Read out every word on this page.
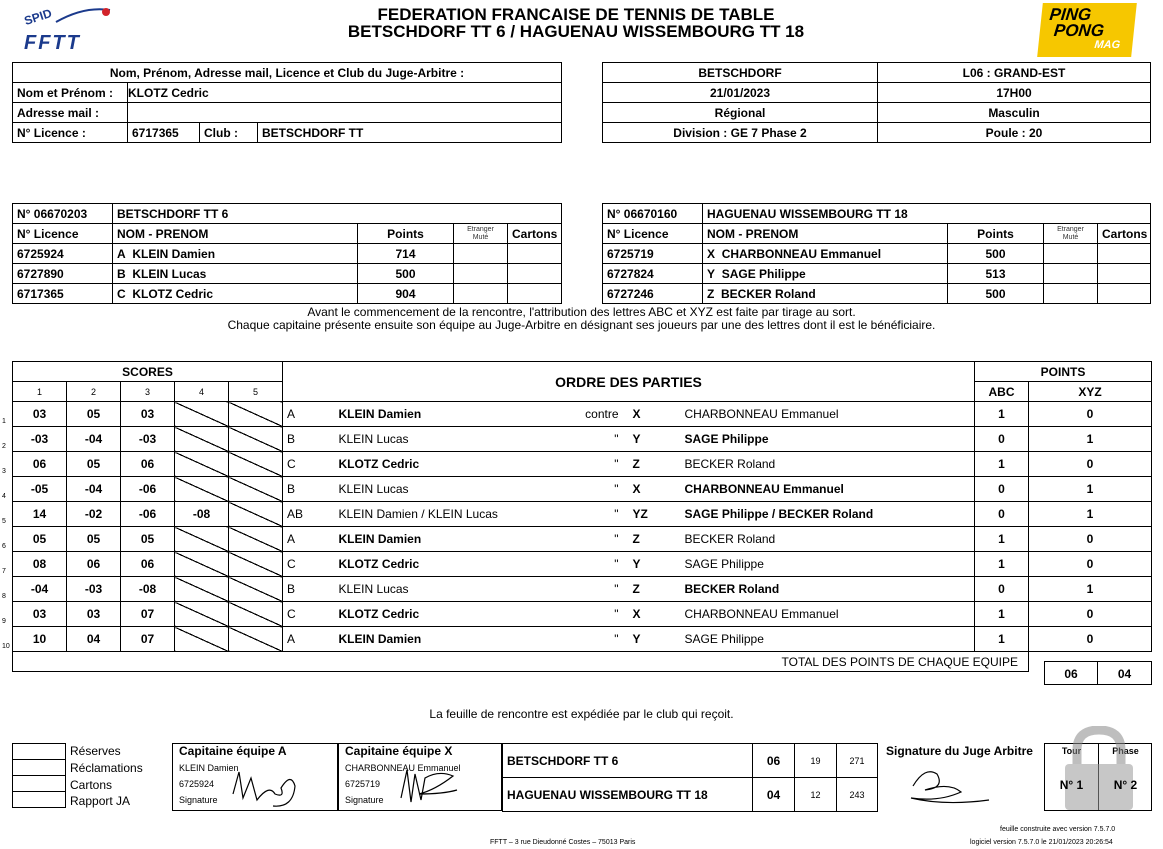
SPID
FFTT
FEDERATION FRANCAISE DE TENNIS DE TABLE
BETSCHDORF TT 6 / HAGUENAU WISSEMBOURG TT 18
PING
PONG
MAG
Nom, Prénom, Adresse mail, Licence et Club du Juge-Arbitre :			
Nom et Prénom :	KLOTZ Cedric		
Adresse mail :			
N° Licence :	6717365	Club :	BETSCHDORF TT
BETSCHDORF	L06 : GRAND-EST
21/01/2023	17H00
Régional	Masculin
Division : GE 7 Phase 2	Poule : 20
N° 06670203	BETSCHDORF TT 6			
N° Licence	NOM - PRENOM	Points	Etranger
Muté	Cartons
6725924	A KLEIN Damien	714		
6727890	B KLEIN Lucas	500		
6717365	C KLOTZ Cedric	904		
N° 06670160	HAGUENAU WISSEMBOURG TT 18			
N° Licence	NOM - PRENOM	Points	Etranger
Muté	Cartons
6725719	X CHARBONNEAU Emmanuel	500		
6727824	Y SAGE Philippe	513		
6727246	Z BECKER Roland	500		
Avant le commencement de la rencontre, l'attribution des lettres ABC et XYZ est faite par tirage au sort.
Chaque capitaine présente ensuite son équipe au Juge-Arbitre en désignant ses joueurs par une des lettres dont il est le bénéficiaire.
SCORES					ORDRE DES PARTIES				POINTS	
1	2	3	4	5					ABC	XYZ
03	05	03			A	KLEIN Damien contre	X	CHARBONNEAU Emmanuel	1	0
-03	-04	-03			B	KLEIN Lucas "	Y	SAGE Philippe	0	1
06	05	06			C	KLOTZ Cedric "	Z	BECKER Roland	1	0
-05	-04	-06			B	KLEIN Lucas "	X	CHARBONNEAU Emmanuel	0	1
14	-02	-06	-08		AB	KLEIN Damien / KLEIN Lucas "	YZ	SAGE Philippe / BECKER Roland	0	1
05	05	05			A	KLEIN Damien "	Z	BECKER Roland	1	0
08	06	06			C	KLOTZ Cedric "	Y	SAGE Philippe	1	0
-04	-03	-08			B	KLEIN Lucas "	Z	BECKER Roland	0	1
03	03	07			C	KLOTZ Cedric "	X	CHARBONNEAU Emmanuel	1	0
10	04	07			A	KLEIN Damien "	Y	SAGE Philippe	1	0
TOTAL DES POINTS DE CHAQUE EQUIPE									
06	04
1
2
3
4
5
6
7
8
9
10
La feuille de rencontre est expédiée par le club qui reçoit.
Réserves
Réclamations
Cartons
Rapport JA
Capitaine équipe A
KLEIN Damien
6725924
Signature
Capitaine équipe X
CHARBONNEAU Emmanuel
6725719
Signature
BETSCHDORF TT 6	06	19	271
HAGUENAU WISSEMBOURG TT 18	04	12	243
Signature du Juge Arbitre	Tour	Phase
N° 1	N° 2
feuille construite avec version 7.5.7.0
FFTT – 3 rue Dieudonné Costes – 75013 Paris	logiciel version 7.5.7.0 le 21/01/2023 20:26:54
